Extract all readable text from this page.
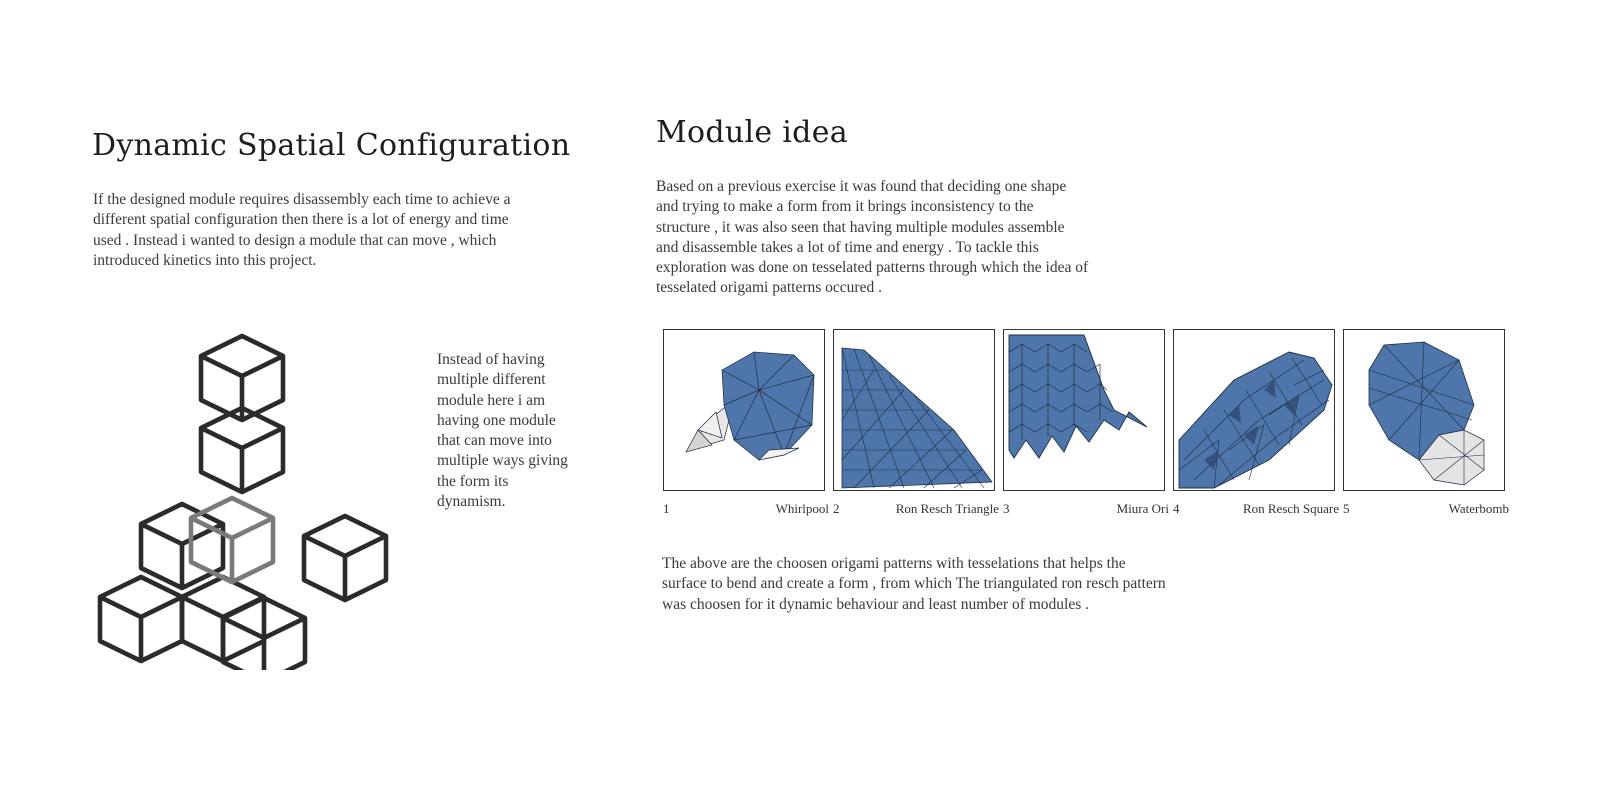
Dynamic Spatial Configuration

If the designed module requires disassembly each time to achieve a
different spatial configuration then there is a lot of energy and time
used . Instead i wanted to design a module that can move , which
introduced kinetics into this project.

Instead of having
multiple different
module here i am
having one module
that can move into
multiple ways giving
the form its
dynamism.

Module idea

Based on a previous exercise it was found that deciding one shape
and trying to make a form from it brings inconsistency to the
structure , it was also seen that having multiple modules assemble
and disassemble takes a lot of time and energy . To tackle this
exploration was done on tesselated patterns through which the idea of
tesselated origami patterns occured .

1	Whirlpool 2	Ron Resch Triangle 3	Miura Ori 4	Ron Resch Square 5	Waterbomb

The above are the choosen origami patterns with tesselations that helps the
surface to bend and create a form , from which The triangulated ron resch pattern
was choosen for it dynamic behaviour and least number of modules .
